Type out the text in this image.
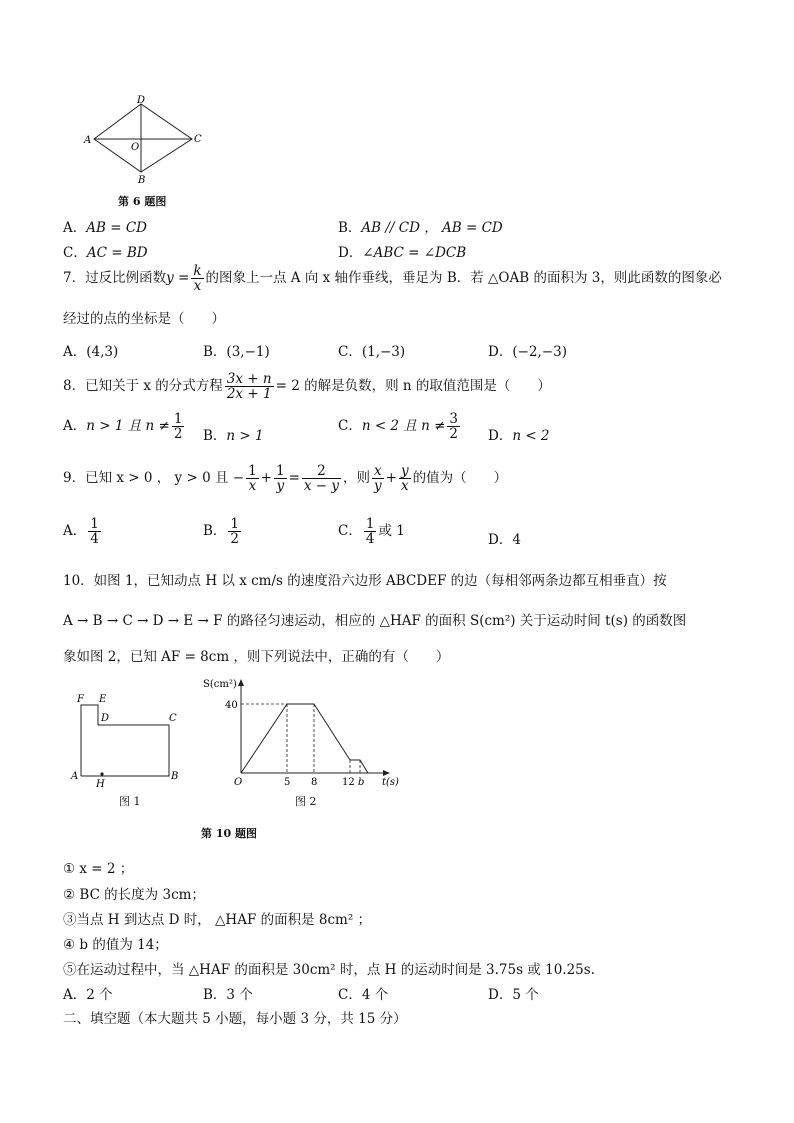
D
A	C
O
B
第 6 题图
A．AB = CD	B．AB // CD ， AB = CD
C．AC = BD	D．∠ABC = ∠DCB
7．过反比例函数$y = \frac{k}{x}$ 的图象上一点 A 向 x 轴作垂线，垂足为 B．若 △OAB 的面积为 3，则此函数的图象必
经过的点的坐标是（　　）
A．(4,3)	B．(3,−1)	C．(1,−3)	D．(−2,−3)
8．已知关于 x 的分式方程 $\frac{3x + n}{2x + 1} = 2$ 的解是负数，则 n 的取值范围是（　　）
A．n > 1 且 $n \ne \frac{1}{2}$ B．n > 1
C．n < 2 且 $n \ne \frac{3}{2}$ D．n < 2
9．已知 x > 0 ， y > 0 且 − $\frac{1}{x} + \frac{1}{y} = \frac{2}{x - y}$ ，则 $\frac{x}{y} + \frac{y}{x}$ 的值为（　　）
A． $\frac{1}{4}$	B． $\frac{1}{2}$	C． $\frac{1}{4}$ 或 1
D．4
10．如图 1，已知动点 H 以 x cm/s 的速度沿六边形 ABCDEF 的边（每相邻两条边都互相垂直）按
A → B → C → D → E → F 的路径匀速运动，相应的 △HAF 的面积 S(cm²) 关于运动时间 t(s) 的函数图
象如图 2，已知 AF = 8cm ，则下列说法中，正确的有（　　）
F E
D	C
A	B
H
图 1
S(cm²)
40
O	5 8 12 b t(s)
图 2
第 10 题图
① x = 2 ；
② BC 的长度为 3cm；
③当点 H 到达点 D 时， △HAF 的面积是 8cm² ；
④ b 的值为 14；
⑤在运动过程中，当 △HAF 的面积是 30cm² 时，点 H 的运动时间是 3.75s 或 10.25s.
A．2 个	B．3 个	C．4 个	D．5 个
二、填空题（本大题共 5 小题，每小题 3 分，共 15 分）
